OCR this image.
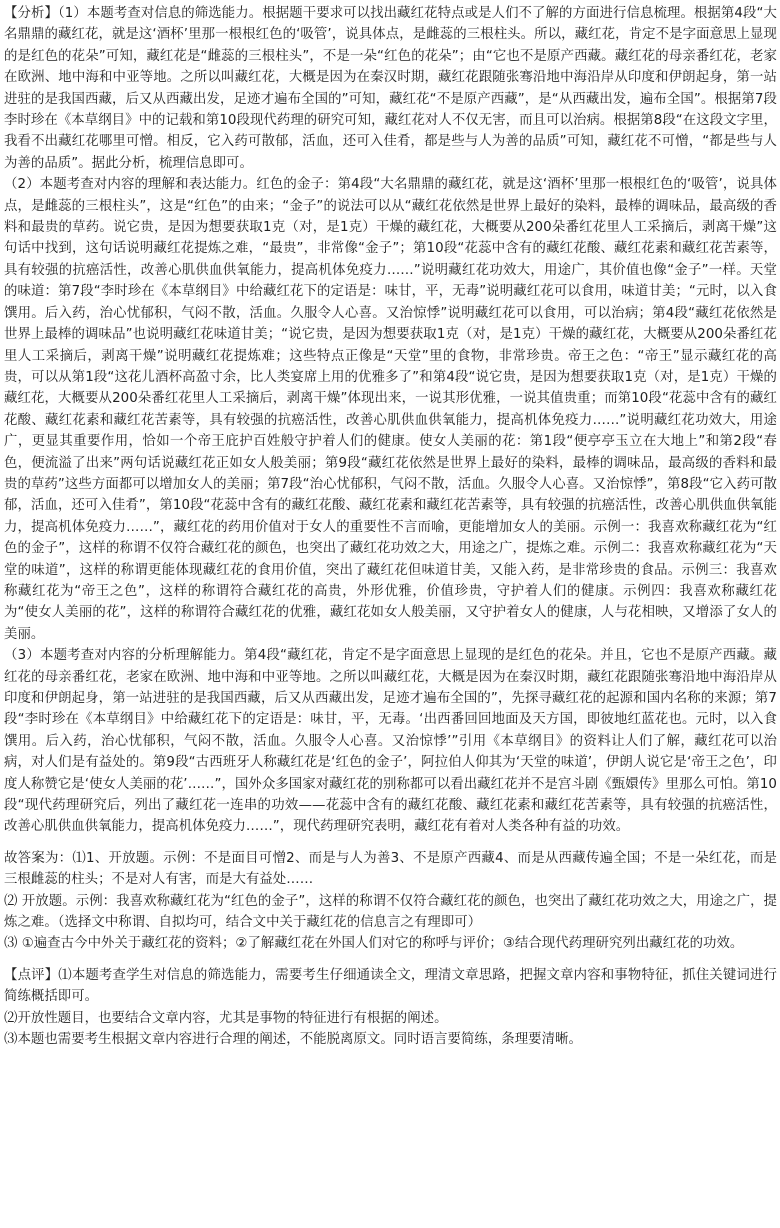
【分析】（1）本题考查对信息的筛选能力。根据题干要求可以找出藏红花特点或是人们不了解的方面进行信息梳理。根据第4段“大名鼎鼎的藏红花，就是这‘酒杯’里那一根根红色的‘吸管’，说具体点，是雌蕊的三根柱头。所以，藏红花，肯定不是字面意思上显现的是红色的花朵”可知，藏红花是“雌蕊的三根柱头”，不是一朵“红色的花朵”；由“它也不是原产西藏。藏红花的母亲番红花，老家在欧洲、地中海和中亚等地。之所以叫藏红花，大概是因为在秦汉时期，藏红花跟随张骞沿地中海沿岸从印度和伊朗起身，第一站进驻的是我国西藏，后又从西藏出发，足迹才遍布全国的”可知，藏红花“不是原产西藏”，是“从西藏出发，遍布全国”。根据第7段李时珍在《本草纲目》中的记载和第10段现代药理的研究可知，藏红花对人不仅无害，而且可以治病。根据第8段“在这段文字里，我看不出藏红花哪里可憎。相反，它入药可散郁，活血，还可入佳肴，都是些与人为善的品质”可知，藏红花不可憎，“都是些与人为善的品质”。据此分析，梳理信息即可。

（2）本题考查对内容的理解和表达能力。红色的金子：第4段“大名鼎鼎的藏红花，就是这‘酒杯’里那一根根红色的‘吸管’，说具体点，是雌蕊的三根柱头”，这是“红色”的由来；“金子”的说法可以从“藏红花依然是世界上最好的染料，最棒的调味品，最高级的香料和最贵的草药。说它贵，是因为想要获取1克（对，是1克）干燥的藏红花，大概要从200朵番红花里人工采摘后，剥离干燥”这句话中找到，这句话说明藏红花提炼之难，“最贵”，非常像“金子”；第10段“花蕊中含有的藏红花酸、藏红花素和藏红花苦素等，具有较强的抗癌活性，改善心肌供血供氧能力，提高机体免疫力……”说明藏红花功效大，用途广，其价值也像“金子”一样。天堂的味道：第7段“李时珍在《本草纲目》中给藏红花下的定语是：味甘，平，无毒”说明藏红花可以食用，味道甘美；“元时，以入食馔用。后入药，治心忧郁积，气闷不散，活血。久服令人心喜。又治惊悸”说明藏红花可以食用，可以治病；第4段“藏红花依然是世界上最棒的调味品”也说明藏红花味道甘美；“说它贵，是因为想要获取1克（对，是1克）干燥的藏红花，大概要从200朵番红花里人工采摘后，剥离干燥”说明藏红花提炼难；这些特点正像是“天堂”里的食物，非常珍贵。帝王之色：“帝王”显示藏红花的高贵，可以从第1段“这花儿酒杯高盈寸余，比人类宴席上用的优雅多了”和第4段“说它贵，是因为想要获取1克（对，是1克）干燥的藏红花，大概要从200朵番红花里人工采摘后，剥离干燥”体现出来，一说其形优雅，一说其值贵重；而第10段“花蕊中含有的藏红花酸、藏红花素和藏红花苦素等，具有较强的抗癌活性，改善心肌供血供氧能力，提高机体免疫力……”说明藏红花功效大，用途广，更显其重要作用，恰如一个帝王庇护百姓般守护着人们的健康。使女人美丽的花：第1段“便亭亭玉立在大地上”和第2段“春色，便流溢了出来”两句话说藏红花正如女人般美丽；第9段“藏红花依然是世界上最好的染料，最棒的调味品，最高级的香料和最贵的草药”这些方面都可以增加女人的美丽；第7段“治心忧郁积，气闷不散，活血。久服令人心喜。又治惊悸”，第8段“它入药可散郁，活血，还可入佳肴”，第10段“花蕊中含有的藏红花酸、藏红花素和藏红花苦素等，具有较强的抗癌活性，改善心肌供血供氧能力，提高机体免疫力……”，藏红花的药用价值对于女人的重要性不言而喻，更能增加女人的美丽。示例一：我喜欢称藏红花为“红色的金子”，这样的称谓不仅符合藏红花的颜色，也突出了藏红花功效之大，用途之广，提炼之难。示例二：我喜欢称藏红花为“天堂的味道”，这样的称谓更能体现藏红花的食用价值，突出了藏红花但味道甘美，又能入药，是非常珍贵的食品。示例三：我喜欢称藏红花为“帝王之色”，这样的称谓符合藏红花的高贵，外形优雅，价值珍贵，守护着人们的健康。示例四：我喜欢称藏红花为“使女人美丽的花”，这样的称谓符合藏红花的优雅，藏红花如女人般美丽，又守护着女人的健康，人与花相映，又增添了女人的美丽。

（3）本题考查对内容的分析理解能力。第4段“藏红花，肯定不是字面意思上显现的是红色的花朵。并且，它也不是原产西藏。藏红花的母亲番红花，老家在欧洲、地中海和中亚等地。之所以叫藏红花，大概是因为在秦汉时期，藏红花跟随张骞沿地中海沿岸从印度和伊朗起身，第一站进驻的是我国西藏，后又从西藏出发，足迹才遍布全国的”，先探寻藏红花的起源和国内名称的来源；第7段“李时珍在《本草纲目》中给藏红花下的定语是：味甘，平，无毒。‘出西番回回地面及天方国，即彼地红蓝花也。元时，以入食馔用。后入药，治心忧郁积，气闷不散，活血。久服令人心喜。又治惊悸’”引用《本草纲目》的资料让人们了解，藏红花可以治病，对人们是有益处的。第9段“古西班牙人称藏红花是‘红色的金子’，阿拉伯人仰其为‘天堂的味道’，伊朗人说它是‘帝王之色’，印度人称赞它是‘使女人美丽的花’……”，国外众多国家对藏红花的别称都可以看出藏红花并不是宫斗剧《甄嬛传》里那么可怕。第10段“现代药理研究后，列出了藏红花一连串的功效——花蕊中含有的藏红花酸、藏红花素和藏红花苦素等，具有较强的抗癌活性，改善心肌供血供氧能力，提高机体免疫力……”，现代药理研究表明，藏红花有着对人类各种有益的功效。

故答案为：⑴1、开放题。示例：不是面目可憎2、而是与人为善3、不是原产西藏4、而是从西藏传遍全国；不是一朵红花，而是三根雌蕊的柱头；不是对人有害，而是大有益处……

⑵ 开放题。示例：我喜欢称藏红花为“红色的金子”，这样的称谓不仅符合藏红花的颜色，也突出了藏红花功效之大，用途之广，提炼之难。（选择文中称谓、自拟均可，结合文中关于藏红花的信息言之有理即可）

⑶ ①遍查古今中外关于藏红花的资料；②了解藏红花在外国人们对它的称呼与评价；③结合现代药理研究列出藏红花的功效。

【点评】⑴本题考查学生对信息的筛选能力，需要考生仔细通读全文，理清文章思路，把握文章内容和事物特征，抓住关键词进行简练概括即可。

⑵开放性题目，也要结合文章内容，尤其是事物的特征进行有根据的阐述。

⑶本题也需要考生根据文章内容进行合理的阐述，不能脱离原文。同时语言要简练，条理要清晰。
